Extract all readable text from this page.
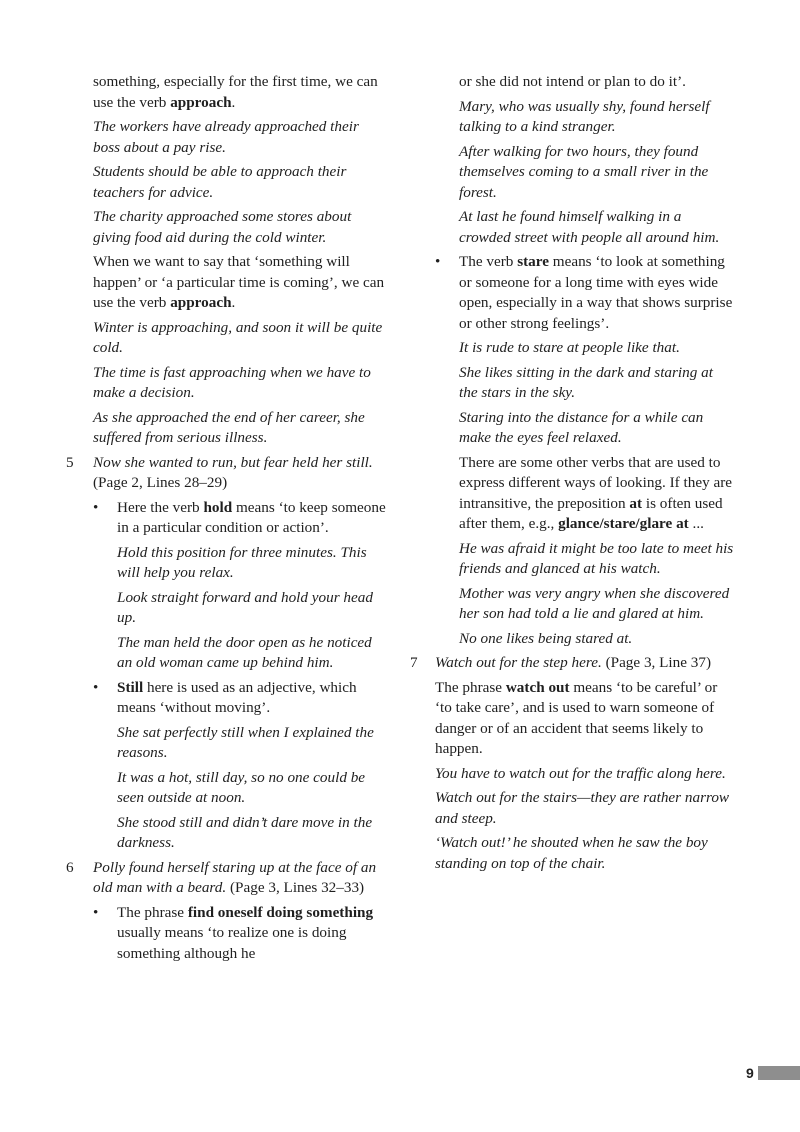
something, especially for the first time, we can use the verb approach.

The workers have already approached their boss about a pay rise.

Students should be able to approach their teachers for advice.

The charity approached some stores about giving food aid during the cold winter.

When we want to say that ‘something will happen’ or ‘a particular time is coming’, we can use the verb approach.

Winter is approaching, and soon it will be quite cold.

The time is fast approaching when we have to make a decision.

As she approached the end of her career, she suffered from serious illness.

5 Now she wanted to run, but fear held her still. (Page 2, Lines 28–29)

• Here the verb hold means ‘to keep someone in a particular condition or action’.

Hold this position for three minutes. This will help you relax.

Look straight forward and hold your head up.

The man held the door open as he noticed an old woman came up behind him.

• Still here is used as an adjective, which means ‘without moving’.

She sat perfectly still when I explained the reasons.

It was a hot, still day, so no one could be seen outside at noon.

She stood still and didn’t dare move in the darkness.

6 Polly found herself staring up at the face of an old man with a beard. (Page 3, Lines 32–33)

• The phrase find oneself doing something usually means ‘to realize one is doing something although he

or she did not intend or plan to do it’.

Mary, who was usually shy, found herself talking to a kind stranger.

After walking for two hours, they found themselves coming to a small river in the forest.

At last he found himself walking in a crowded street with people all around him.

• The verb stare means ‘to look at something or someone for a long time with eyes wide open, especially in a way that shows surprise or other strong feelings’.

It is rude to stare at people like that.

She likes sitting in the dark and staring at the stars in the sky.

Staring into the distance for a while can make the eyes feel relaxed.

There are some other verbs that are used to express different ways of looking. If they are intransitive, the preposition at is often used after them, e.g., glance/stare/glare at ...

He was afraid it might be too late to meet his friends and glanced at his watch.

Mother was very angry when she discovered her son had told a lie and glared at him.

No one likes being stared at.

7 Watch out for the step here. (Page 3, Line 37)

The phrase watch out means ‘to be careful’ or ‘to take care’, and is used to warn someone of danger or of an accident that seems likely to happen.

You have to watch out for the traffic along here.

Watch out for the stairs—they are rather narrow and steep.

‘Watch out!’ he shouted when he saw the boy standing on top of the chair.

9
